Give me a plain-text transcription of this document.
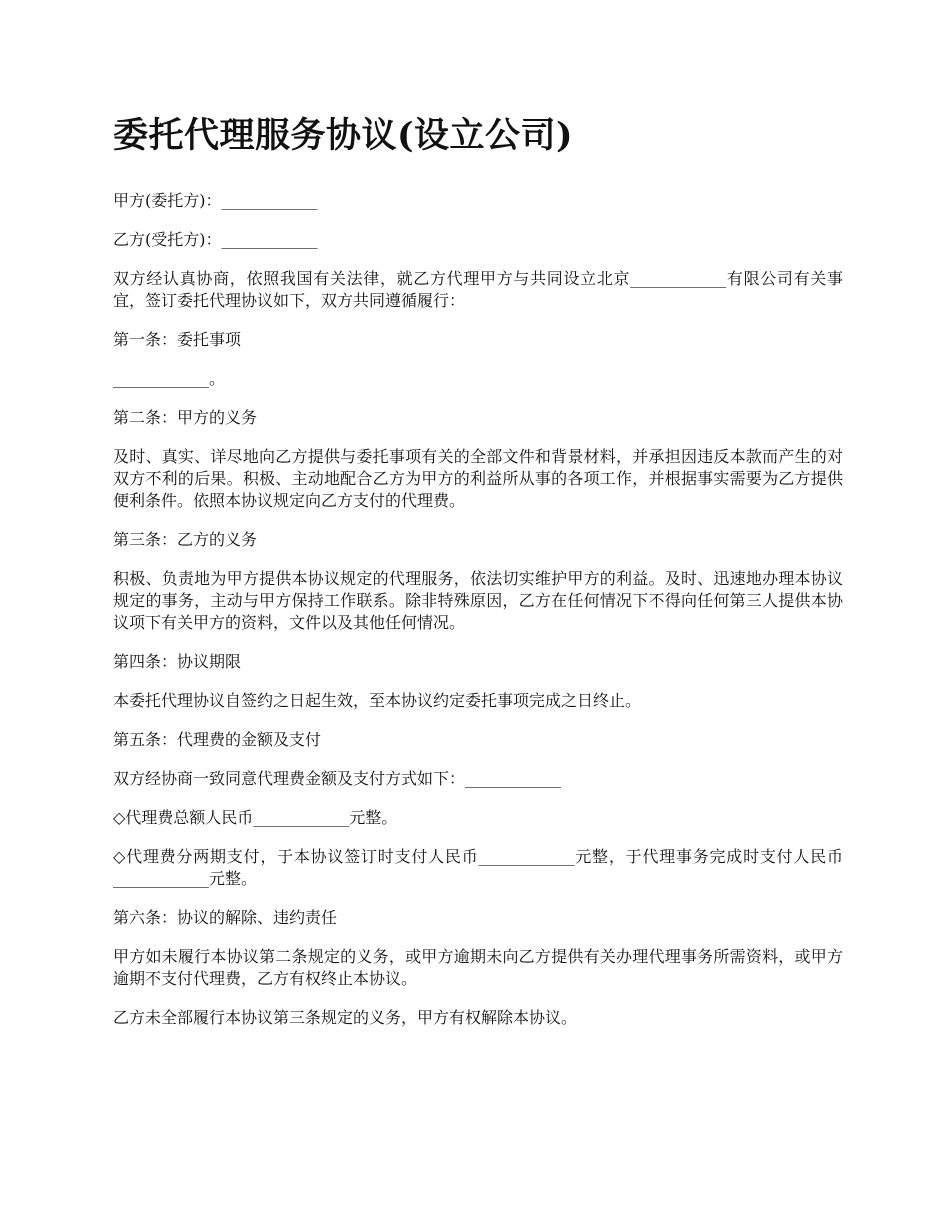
委托代理服务协议(设立公司)

甲方(委托方)：____________

乙方(受托方)：____________

双方经认真协商，依照我国有关法律，就乙方代理甲方与共同设立北京____________有限公司有关事宜，签订委托代理协议如下，双方共同遵循履行：

第一条：委托事项

____________。

第二条：甲方的义务

及时、真实、详尽地向乙方提供与委托事项有关的全部文件和背景材料，并承担因违反本款而产生的对双方不利的后果。积极、主动地配合乙方为甲方的利益所从事的各项工作，并根据事实需要为乙方提供便利条件。依照本协议规定向乙方支付的代理费。

第三条：乙方的义务

积极、负责地为甲方提供本协议规定的代理服务，依法切实维护甲方的利益。及时、迅速地办理本协议规定的事务，主动与甲方保持工作联系。除非特殊原因，乙方在任何情况下不得向任何第三人提供本协议项下有关甲方的资料，文件以及其他任何情况。

第四条：协议期限

本委托代理协议自签约之日起生效，至本协议约定委托事项完成之日终止。

第五条：代理费的金额及支付

双方经协商一致同意代理费金额及支付方式如下：____________

◇代理费总额人民币____________元整。

◇代理费分两期支付，于本协议签订时支付人民币____________元整，于代理事务完成时支付人民币____________元整。

第六条：协议的解除、违约责任

甲方如未履行本协议第二条规定的义务，或甲方逾期未向乙方提供有关办理代理事务所需资料，或甲方逾期不支付代理费，乙方有权终止本协议。

乙方未全部履行本协议第三条规定的义务，甲方有权解除本协议。
